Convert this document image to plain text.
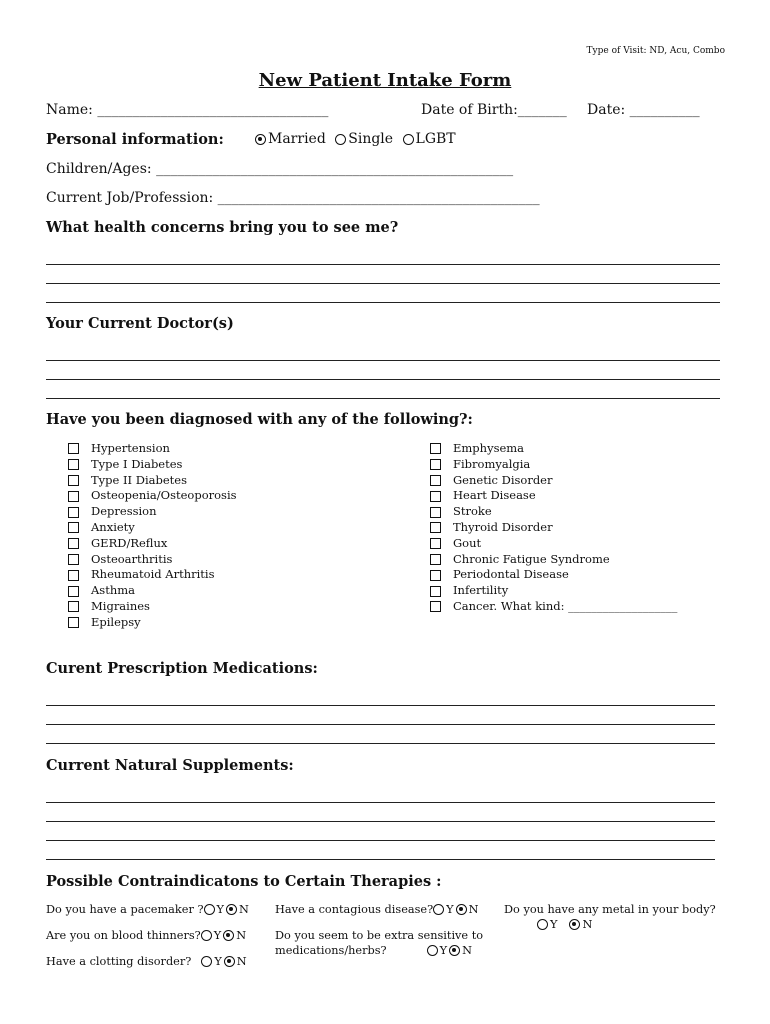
Type of Visit: ND, Acu, Combo
New Patient Intake Form
Name: _________________________________	Date of Birth:_______ Date: __________
Personal information:	Married Single LGBT
Children/Ages: ___________________________________________________
Current Job/Profession: ______________________________________________
What health concerns bring you to see me?
Your Current Doctor(s)
Have you been diagnosed with any of the following?:
Hypertension
Type I Diabetes
Type II Diabetes
Osteopenia/Osteoporosis
Depression
Anxiety
GERD/Reflux
Osteoarthritis
Rheumatoid Arthritis
Asthma
Migraines
Epilepsy
Emphysema
Fibromyalgia
Genetic Disorder
Heart Disease
Stroke
Thyroid Disorder
Gout
Chronic Fatigue Syndrome
Periodontal Disease
Infertility
Cancer. What kind: ___________________
Curent Prescription Medications:
Current Natural Supplements:
Possible Contraindicatons to Certain Therapies :
Do you have a pacemaker ? Y N
Are you on blood thinners? Y N
Have a clotting disorder? Y N
Have a contagious disease? Y N
Do you seem to be extra sensitive to
medications/herbs?	Y N
Do you have any metal in your body?
Y N
